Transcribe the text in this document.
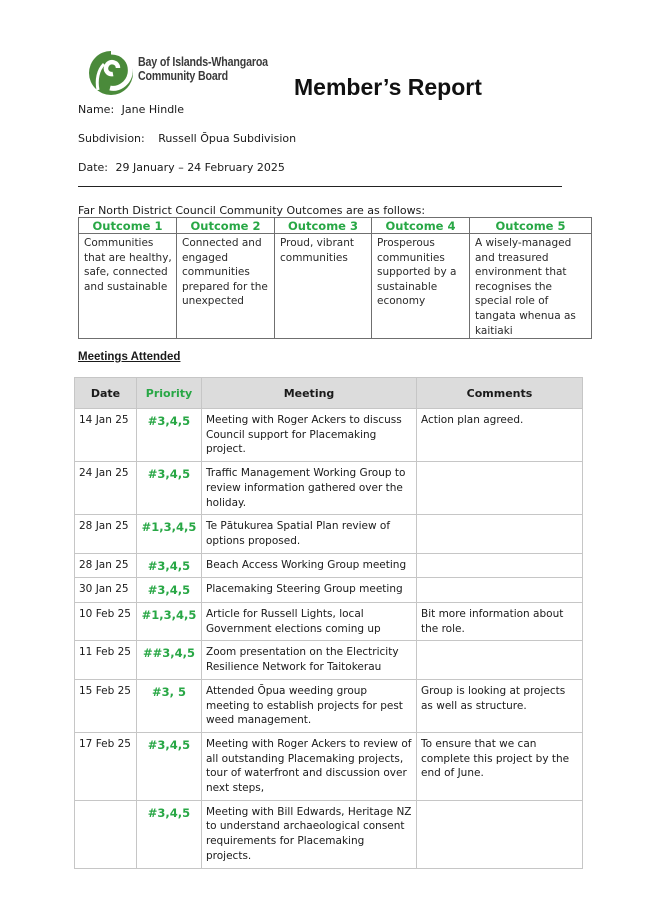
Bay of Islands-Whangaroa
Community Board	Member’s Report
Name: Jane Hindle
Subdivision: Russell Ōpua Subdivision
Date: 29 January – 24 February 2025
Far North District Council Community Outcomes are as follows:
Outcome 1	Outcome 2	Outcome 3	Outcome 4	Outcome 5
Communities that are healthy, safe, connected and sustainable	Connected and engaged communities prepared for the unexpected	Proud, vibrant communities	Prosperous communities supported by a sustainable economy	A wisely-managed and treasured environment that recognises the special role of tangata whenua as kaitiaki
Meetings Attended
Date	Priority	Meeting	Comments
14 Jan 25	#3,4,5	Meeting with Roger Ackers to discuss Council support for Placemaking project.	Action plan agreed.
24 Jan 25	#3,4,5	Traffic Management Working Group to review information gathered over the holiday.	
28 Jan 25	#1,3,4,5	Te Pātukurea Spatial Plan review of options proposed.	
28 Jan 25	#3,4,5	Beach Access Working Group meeting	
30 Jan 25	#3,4,5	Placemaking Steering Group meeting	
10 Feb 25	#1,3,4,5	Article for Russell Lights, local Government elections coming up	Bit more information about the role.
11 Feb 25	##3,4,5	Zoom presentation on the Electricity Resilience Network for Taitokerau	
15 Feb 25	#3, 5	Attended Ōpua weeding group meeting to establish projects for pest weed management.	Group is looking at projects as well as structure.
17 Feb 25	#3,4,5	Meeting with Roger Ackers to review of all outstanding Placemaking projects, tour of waterfront and discussion over next steps,	To ensure that we can complete this project by the end of June.
	#3,4,5	Meeting with Bill Edwards, Heritage NZ to understand archaeological consent requirements for Placemaking projects.	
